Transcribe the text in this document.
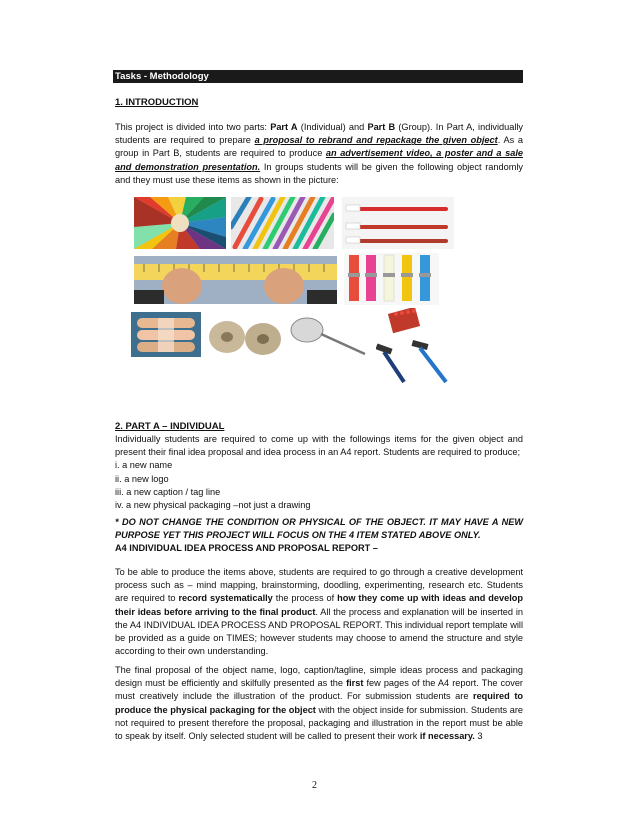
Tasks - Methodology
1. INTRODUCTION
This project is divided into two parts: Part A (Individual) and Part B (Group). In Part A, individually students are required to prepare a proposal to rebrand and repackage the given object. As a group in Part B, students are required to produce an advertisement video, a poster and a sale and demonstration presentation. In groups students will be given the following object randomly and they must use these items as shown in the picture:
2. PART A – INDIVIDUAL
Individually students are required to come up with the followings items for the given object and present their final idea proposal and idea process in an A4 report. Students are required to produce;
i. a new name
ii. a new logo
iii. a new caption / tag line
iv. a new physical packaging –not just a drawing
* DO NOT CHANGE THE CONDITION OR PHYSICAL OF THE OBJECT. IT MAY HAVE A NEW PURPOSE YET THIS PROJECT WILL FOCUS ON THE 4 ITEM STATED ABOVE ONLY.
A4 INDIVIDUAL IDEA PROCESS AND PROPOSAL REPORT –
To be able to produce the items above, students are required to go through a creative development process such as – mind mapping, brainstorming, doodling, experimenting, research etc. Students are required to record systematically the process of how they come up with ideas and develop their ideas before arriving to the final product. All the process and explanation will be inserted in the A4 INDIVIDUAL IDEA PROCESS AND PROPOSAL REPORT. This individual report template will be provided as a guide on TIMES; however students may choose to amend the structure and style according to their own understanding.
The final proposal of the object name, logo, caption/tagline, simple ideas process and packaging design must be efficiently and skilfully presented as the first few pages of the A4 report. The cover must creatively include the illustration of the product. For submission students are required to produce the physical packaging for the object with the object inside for submission. Students are not required to present therefore the proposal, packaging and illustration in the report must be able to speak by itself. Only selected student will be called to present their work if necessary. 3
2
